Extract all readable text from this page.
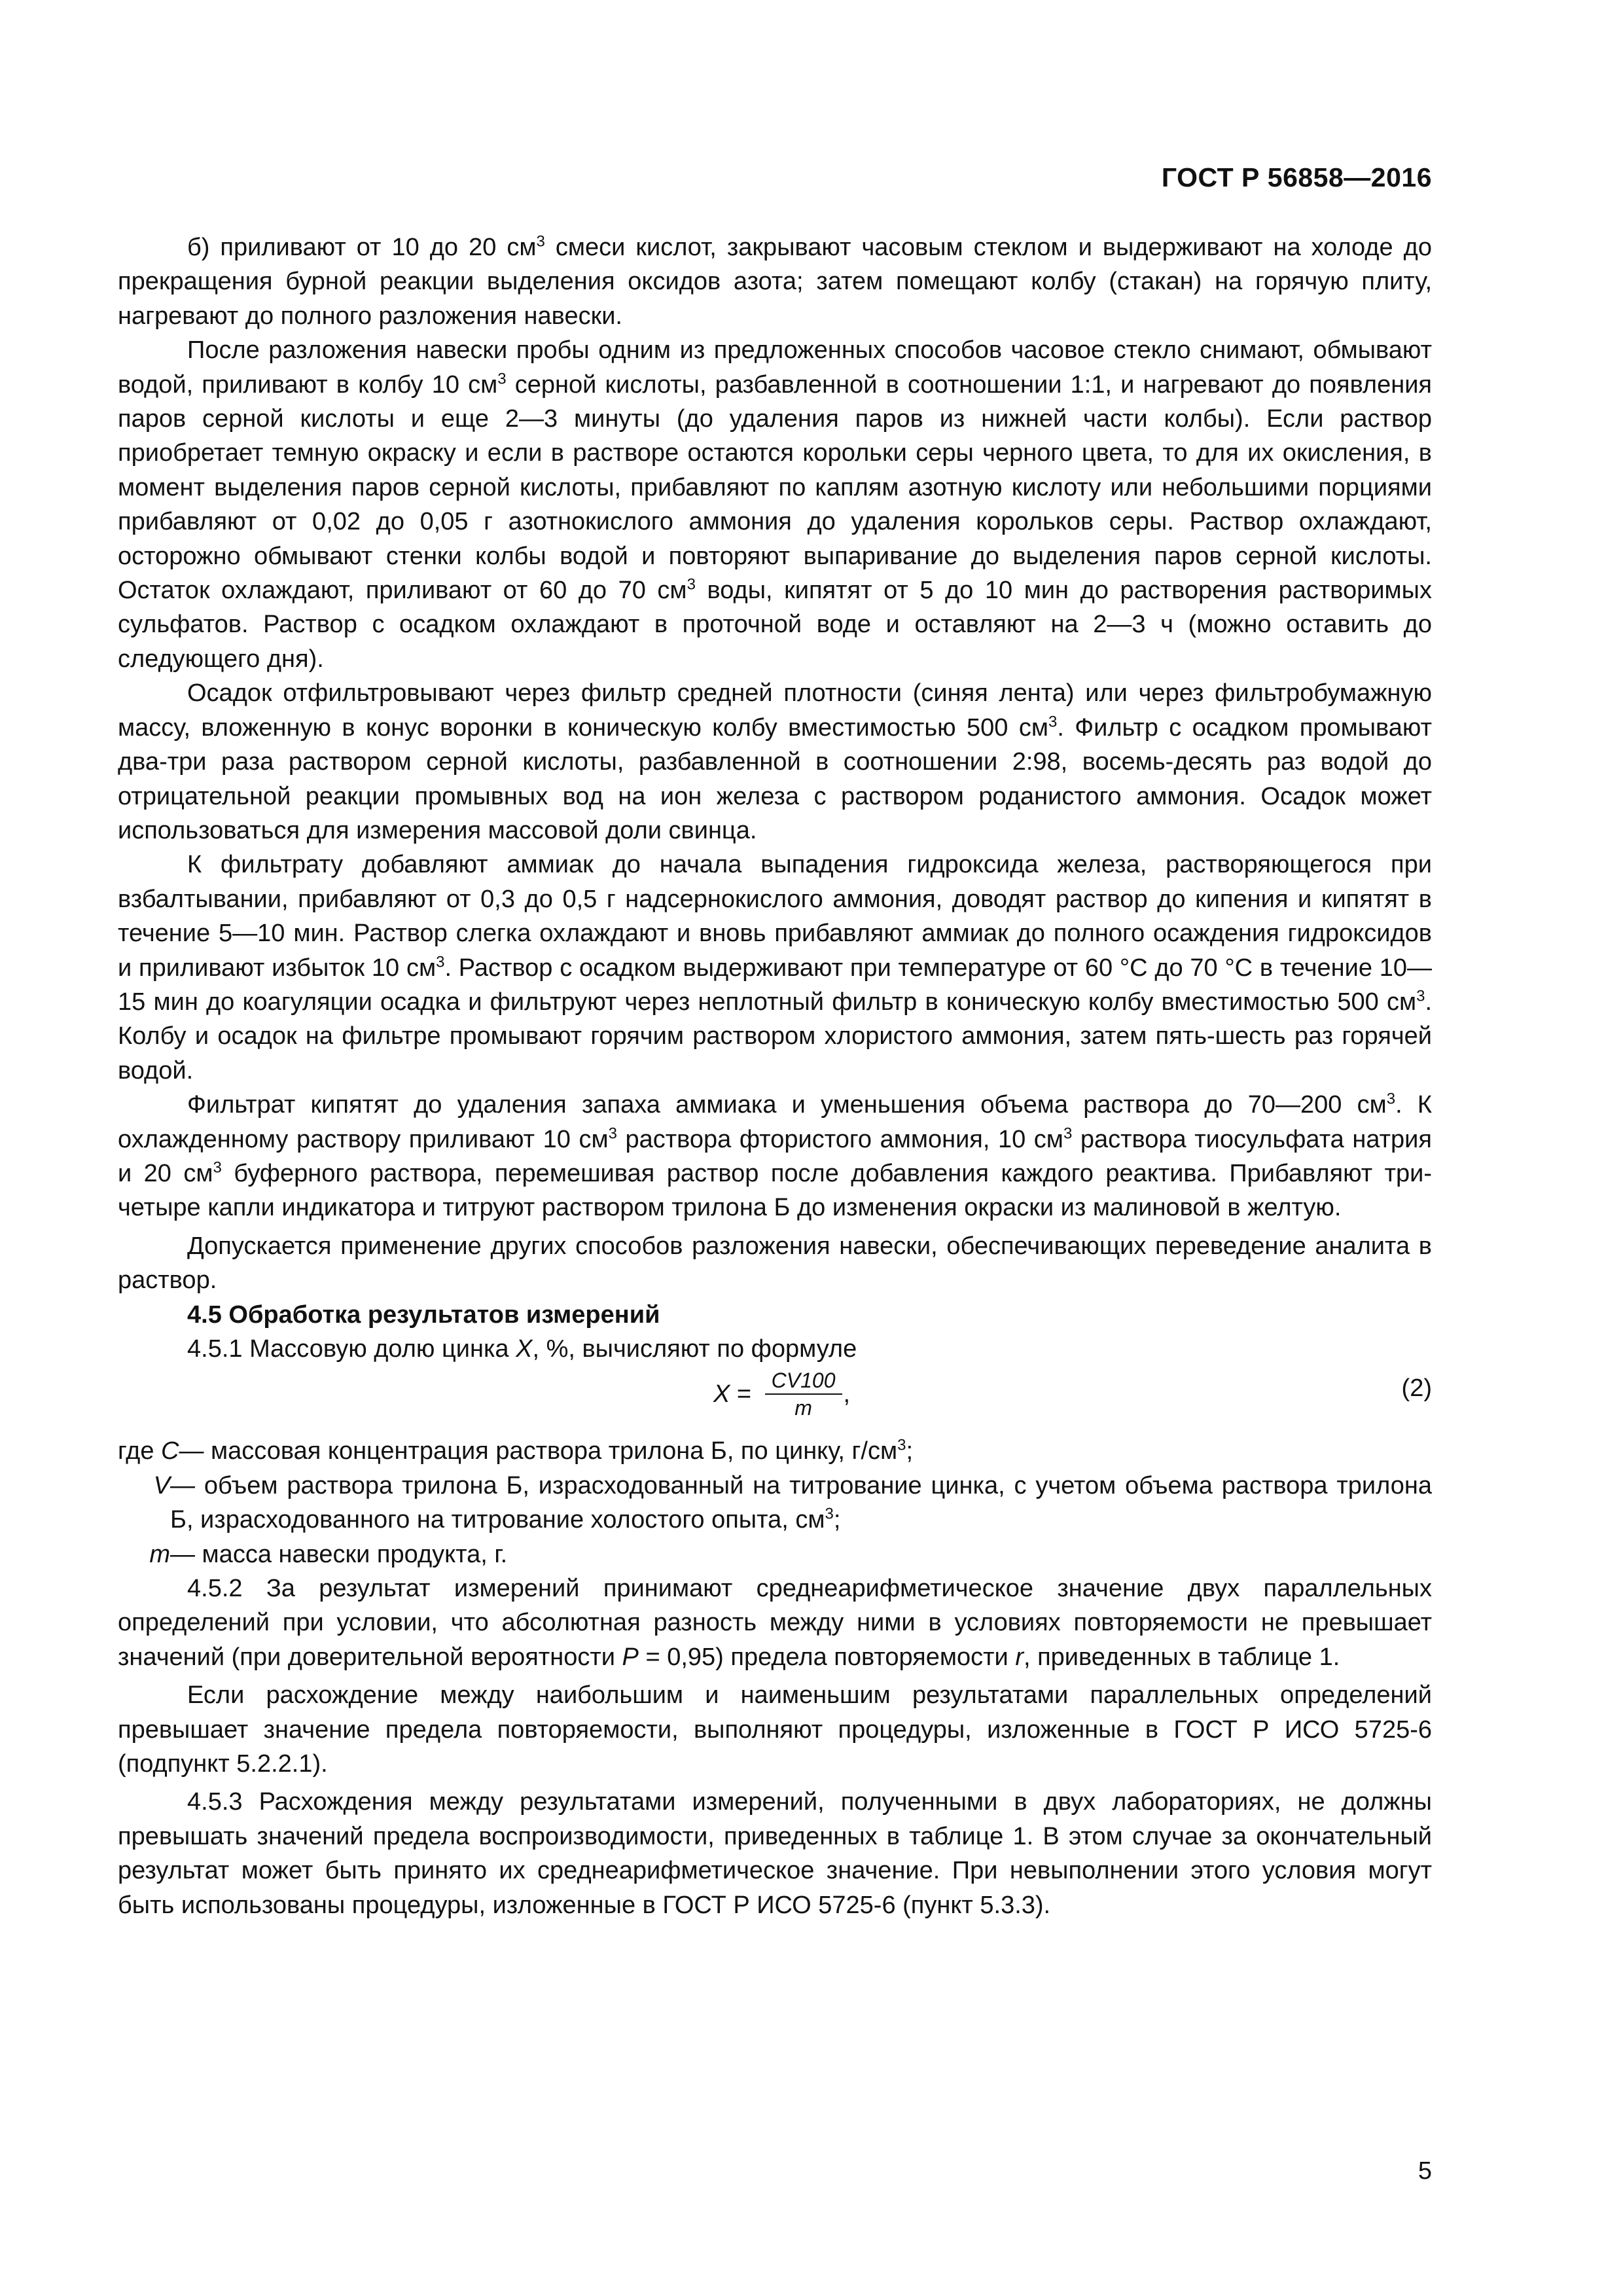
ГОСТ Р 56858—2016

б) приливают от 10 до 20 $см^3$ смеси кислот, закрывают часовым стеклом и выдерживают на холоде до прекращения бурной реакции выделения оксидов азота; затем помещают колбу (стакан) на горячую плиту, нагревают до полного разложения навески.

После разложения навески пробы одним из предложенных способов часовое стекло снимают, обмывают водой, приливают в колбу 10 $см^3$ серной кислоты, разбавленной в соотношении 1:1, и нагревают до появления паров серной кислоты и еще 2—3 минуты (до удаления паров из нижней части колбы). Если раствор приобретает темную окраску и если в растворе остаются корольки серы черного цвета, то для их окисления, в момент выделения паров серной кислоты, прибавляют по каплям азотную кислоту или небольшими порциями прибавляют от 0,02 до 0,05 г азотнокислого аммония до удаления корольков серы. Раствор охлаждают, осторожно обмывают стенки колбы водой и повторяют выпаривание до выделения паров серной кислоты. Остаток охлаждают, приливают от 60 до 70 $см^3$ воды, кипятят от 5 до 10 мин до растворения растворимых сульфатов. Раствор с осадком охлаждают в проточной воде и оставляют на 2—3 ч (можно оставить до следующего дня).

Осадок отфильтровывают через фильтр средней плотности (синяя лента) или через фильтробумажную массу, вложенную в конус воронки в коническую колбу вместимостью 500 $см^3$. Фильтр с осадком промывают два-три раза раствором серной кислоты, разбавленной в соотношении 2:98, восемь-десять раз водой до отрицательной реакции промывных вод на ион железа с раствором роданистого аммония. Осадок может использоваться для измерения массовой доли свинца.

К фильтрату добавляют аммиак до начала выпадения гидроксида железа, растворяющегося при взбалтывании, прибавляют от 0,3 до 0,5 г надсернокислого аммония, доводят раствор до кипения и кипятят в течение 5—10 мин. Раствор слегка охлаждают и вновь прибавляют аммиак до полного осаждения гидроксидов и приливают избыток 10 $см^3$. Раствор с осадком выдерживают при температуре от 60 °С до 70 °С в течение 10—15 мин до коагуляции осадка и фильтруют через неплотный фильтр в коническую колбу вместимостью 500 $см^3$. Колбу и осадок на фильтре промывают горячим раствором хлористого аммония, затем пять-шесть раз горячей водой.

Фильтрат кипятят до удаления запаха аммиака и уменьшения объема раствора до 70—200 $см^3$. К охлажденному раствору приливают 10 $см^3$ раствора фтористого аммония, 10 $см^3$ раствора тиосульфата натрия и 20 $см^3$ буферного раствора, перемешивая раствор после добавления каждого реактива. Прибавляют три-четыре капли индикатора и титруют раствором трилона Б до изменения окраски из малиновой в желтую.

Допускается применение других способов разложения навески, обеспечивающих переведение аналита в раствор.

4.5 Обработка результатов измерений

4.5.1 Массовую долю цинка X, %, вычисляют по формуле

$X = \frac{CV100}{m}$ ,	(2)
где C — массовая концентрация раствора трилона Б, по цинку, $г/см^3$;
V — объем раствора трилона Б, израсходованный на титрование цинка, с учетом объема раствора трилона Б, израсходованного на титрование холостого опыта, $см^3$;
m — масса навески продукта, г.

4.5.2 За результат измерений принимают среднеарифметическое значение двух параллельных определений при условии, что абсолютная разность между ними в условиях повторяемости не превышает значений (при доверительной вероятности Р = 0,95) предела повторяемости r, приведенных в таблице 1.

Если расхождение между наибольшим и наименьшим результатами параллельных определений превышает значение предела повторяемости, выполняют процедуры, изложенные в ГОСТ Р ИСО 5725-6 (подпункт 5.2.2.1).

4.5.3 Расхождения между результатами измерений, полученными в двух лабораториях, не должны превышать значений предела воспроизводимости, приведенных в таблице 1. В этом случае за окончательный результат может быть принято их среднеарифметическое значение. При невыполнении этого условия могут быть использованы процедуры, изложенные в ГОСТ Р ИСО 5725-6 (пункт 5.3.3).

5
